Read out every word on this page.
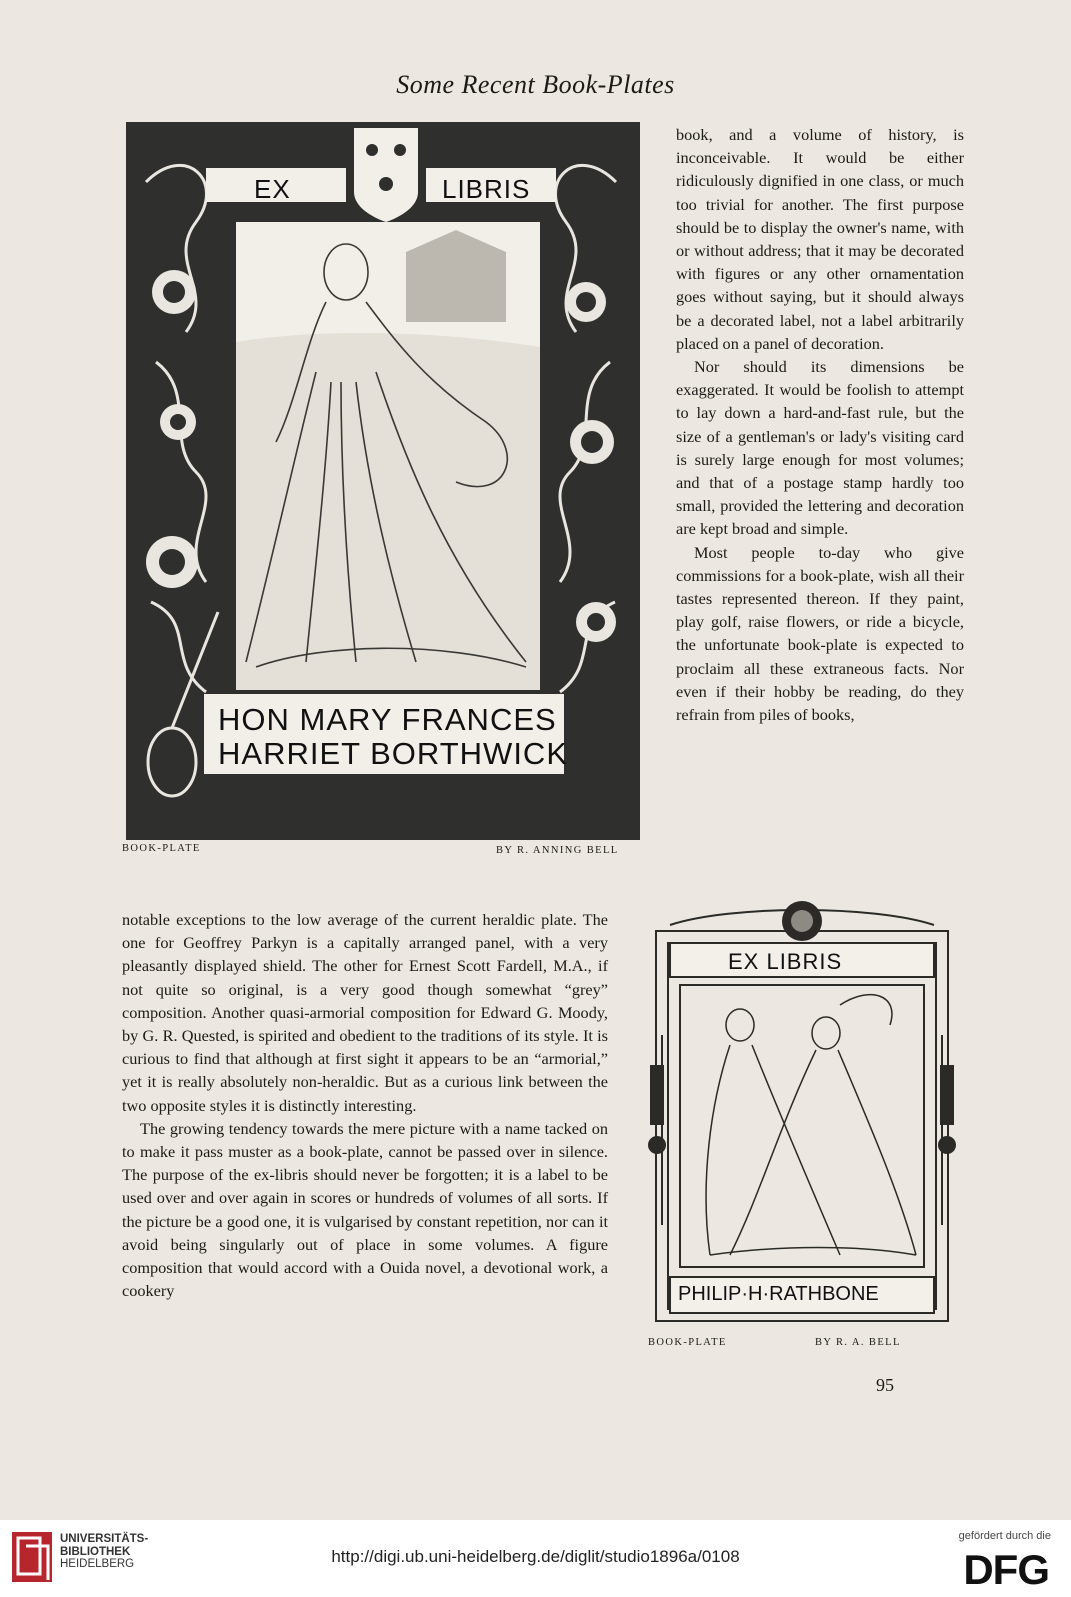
Some Recent Book-Plates
EX	LIBRIS
HON MARY FRANCES
HARRIET BORTHWICK
BOOK-PLATE	BY R. ANNING BELL

book, and a volume of history, is inconceivable. It would be either ridiculously dignified in one class, or much too trivial for another. The first purpose should be to display the owner's name, with or without address; that it may be decorated with figures or any other ornamentation goes without saying, but it should always be a decorated label, not a label arbitrarily placed on a panel of decoration.

Nor should its dimensions be exaggerated. It would be foolish to attempt to lay down a hard-and-fast rule, but the size of a gentleman's or lady's visiting card is surely large enough for most volumes; and that of a postage stamp hardly too small, provided the lettering and decoration are kept broad and simple.

Most people to-day who give commissions for a book-plate, wish all their tastes represented thereon. If they paint, play golf, raise flowers, or ride a bicycle, the unfortunate book-plate is expected to proclaim all these extraneous facts. Nor even if their hobby be reading, do they refrain from piles of books,

notable exceptions to the low average of the current heraldic plate. The one for Geoffrey Parkyn is a capitally arranged panel, with a very pleasantly displayed shield. The other for Ernest Scott Fardell, M.A., if not quite so original, is a very good though somewhat “grey” composition. Another quasi-armorial composition for Edward G. Moody, by G. R. Quested, is spirited and obedient to the traditions of its style. It is curious to find that although at first sight it appears to be an “armorial,” yet it is really absolutely non-heraldic. But as a curious link between the two opposite styles it is distinctly interesting.

The growing tendency towards the mere picture with a name tacked on to make it pass muster as a book-plate, cannot be passed over in silence. The purpose of the ex-libris should never be forgotten; it is a label to be used over and over again in scores or hundreds of volumes of all sorts. If the picture be a good one, it is vulgarised by constant repetition, nor can it avoid being singularly out of place in some volumes. A figure composition that would accord with a Ouida novel, a devotional work, a cookery

EX LIBRIS
PHILIP·H·RATHBONE
BOOK-PLATE	BY R. A. BELL
95
UNIVERSITÄTS-
BIBLIOTHEK
HEIDELBERG	http://digi.ub.uni-heidelberg.de/diglit/studio1896a/0108
gefördert durch die
DFG
